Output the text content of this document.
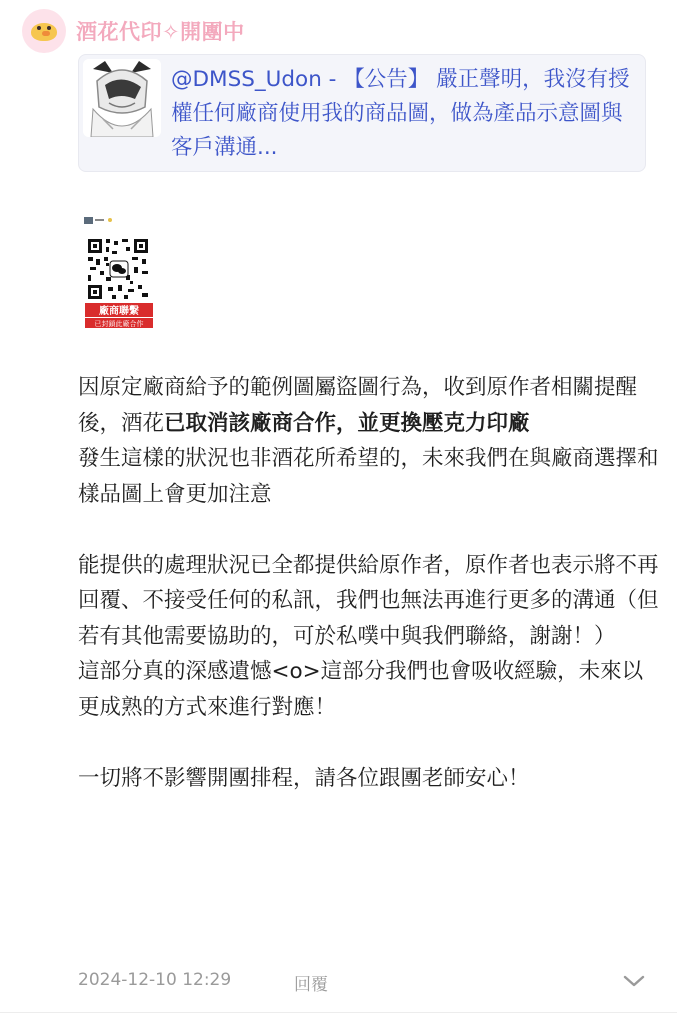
酒花代印✧開團中
@DMSS_Udon - 【公告】 嚴正聲明，我沒有授權任何廠商使用我的商品圖，做為產品示意圖與客戶溝通...
廠商聯繫
已封鎖此廠合作

因原定廠商給予的範例圖屬盜圖行為，收到原作者相關提醒後，酒花已取消該廠商合作，並更換壓克力印廠

發生這樣的狀況也非酒花所希望的，未來我們在與廠商選擇和樣品圖上會更加注意

能提供的處理狀況已全都提供給原作者，原作者也表示將不再回覆、不接受任何的私訊，我們也無法再進行更多的溝通（但若有其他需要協助的，可於私噗中與我們聯絡，謝謝！）

這部分真的深感遺憾<o>這部分我們也會吸收經驗，未來以更成熟的方式來進行對應！

一切將不影響開團排程，請各位跟團老師安心！

2024-12-10 12:29	回覆
